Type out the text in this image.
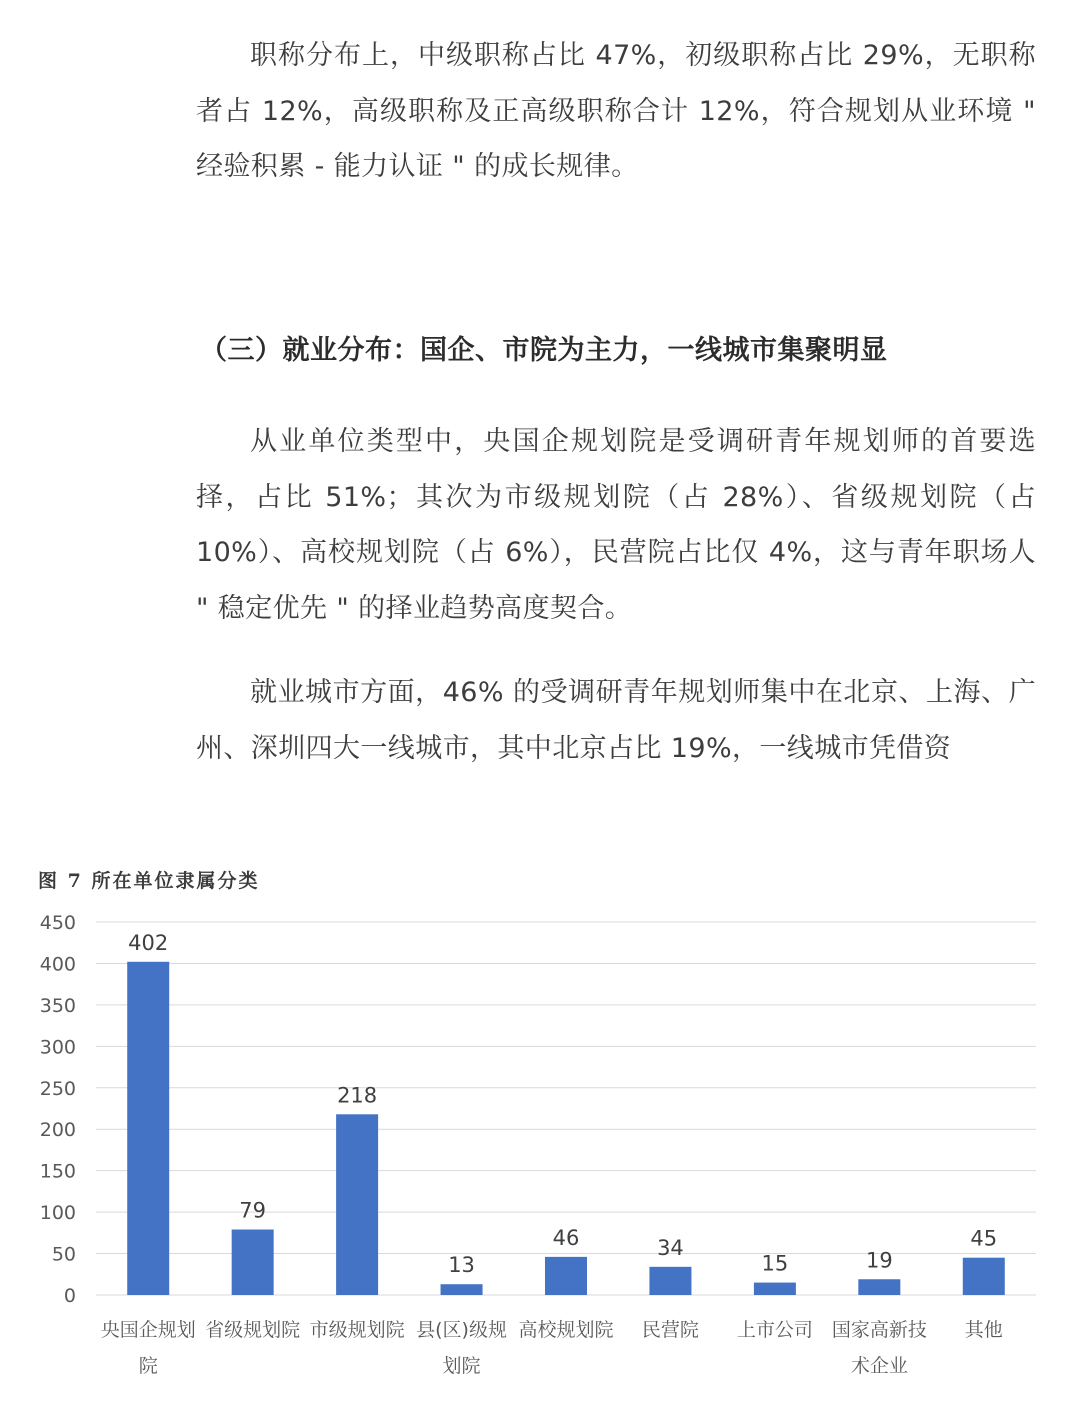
职称分布上，中级职称占比 47%，初级职称占比 29%，无职称者占 12%，高级职称及正高级职称合计 12%，符合规划从业环境 " 经验积累 - 能力认证 " 的成长规律。

（三）就业分布：国企、市院为主力，一线城市集聚明显

从业单位类型中，央国企规划院是受调研青年规划师的首要选择，占比 51%；其次为市级规划院（占 28%）、省级规划院（占 10%）、高校规划院（占 6%），民营院占比仅 4%，这与青年职场人 " 稳定优先 " 的择业趋势高度契合。

就业城市方面，46% 的受调研青年规划师集中在北京、上海、广州、深圳四大一线城市，其中北京占比 19%，一线城市凭借资

图 7 所在单位隶属分类
0
50
100
150
200
250
300
350
400
450
402
79
218
13
46	34
15	19
45
央国企规划
院
省级规划院 市级规划院 县(区)级规
划院
高校规划院 民营院 上市公司 国家高新技
术企业
其他
